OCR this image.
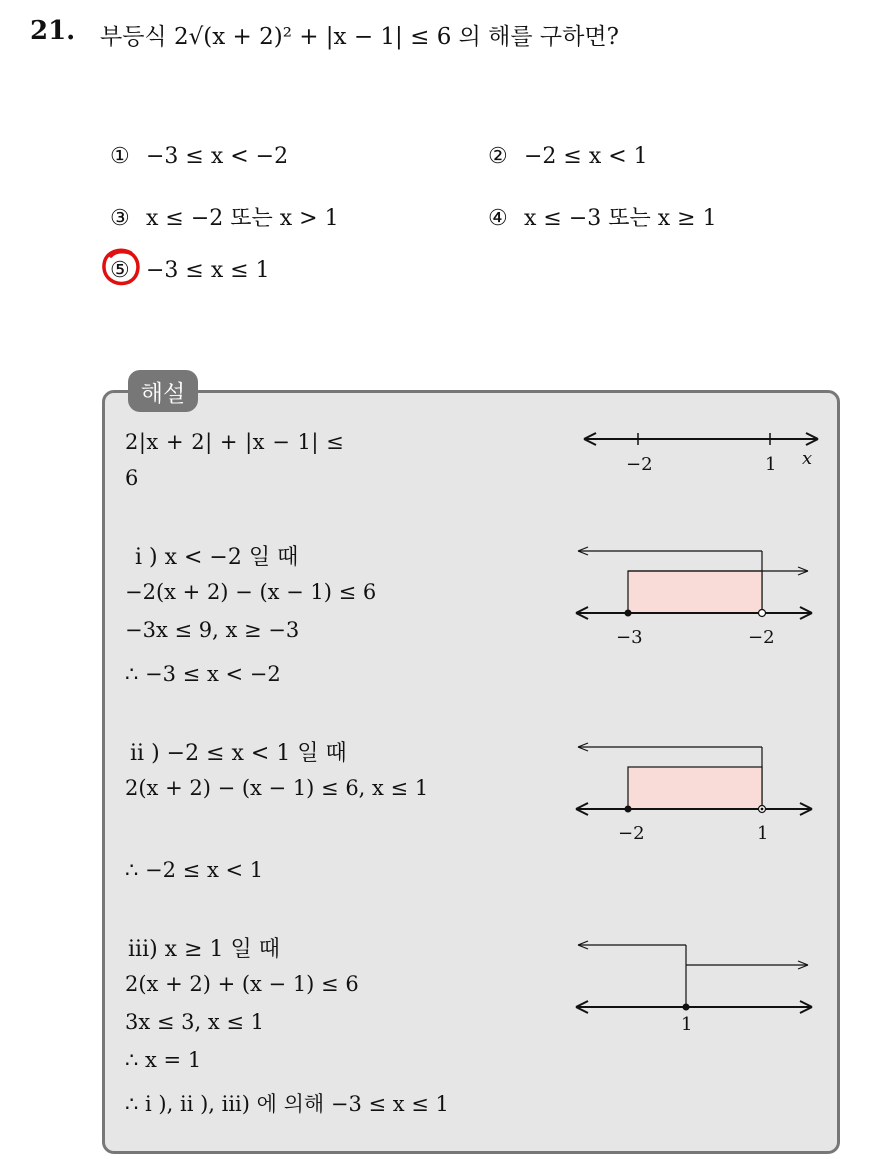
21. 부등식 2√(x + 2)² + |x − 1| ≤ 6 의 해를 구하면?
① −3 ≤ x < −2	② −2 ≤ x < 1
③ x ≤ −2 또는 x > 1	④ x ≤ −3 또는 x ≥ 1
⑤ −3 ≤ x ≤ 1
해설
2|x + 2| + |x − 1| ≤
6
−2	1 x
i ) x < −2 일 때
−2(x + 2) − (x − 1) ≤ 6
−3x ≤ 9, x ≥ −3
∴ −3 ≤ x < −2
−3	−2
ii ) −2 ≤ x < 1 일 때
2(x + 2) − (x − 1) ≤ 6, x ≤ 1
∴ −2 ≤ x < 1
−2	1
iii) x ≥ 1 일 때
2(x + 2) + (x − 1) ≤ 6
3x ≤ 3, x ≤ 1
∴ x = 1
1
∴ i ), ii ), iii) 에 의해 −3 ≤ x ≤ 1
